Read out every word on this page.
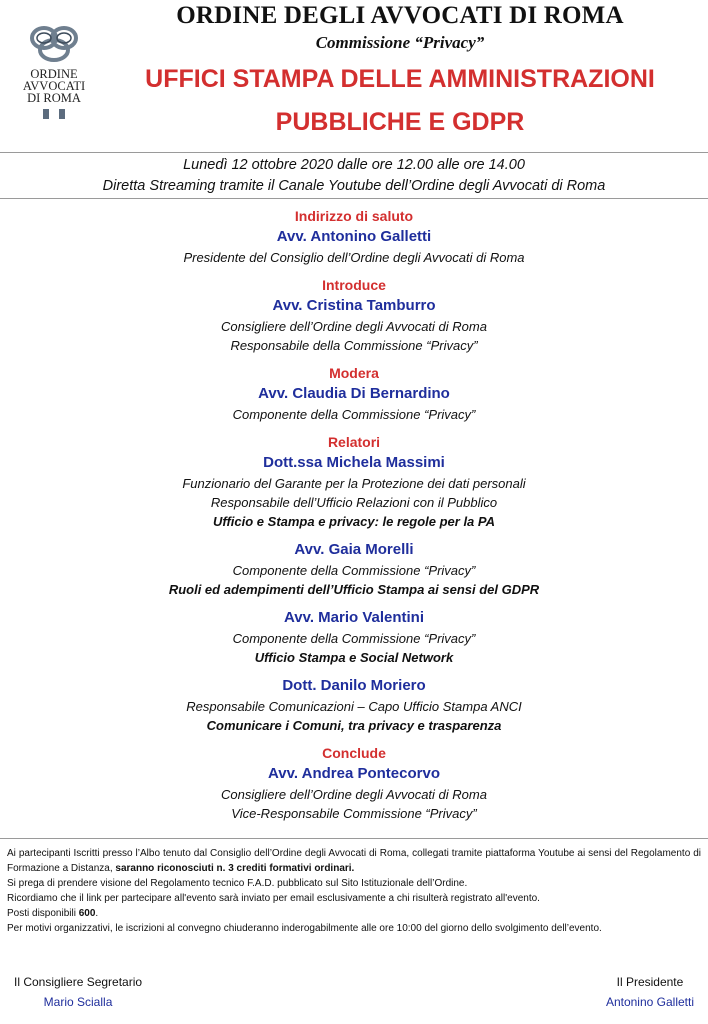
ORDINE
AVVOCATI
DI ROMA
ORDINE DEGLI AVVOCATI DI ROMA
Commissione “Privacy”
UFFICI STAMPA DELLE AMMINISTRAZIONI
PUBBLICHE E GDPR
Lunedì 12 ottobre 2020 dalle ore 12.00 alle ore 14.00
Diretta Streaming tramite il Canale Youtube dell’Ordine degli Avvocati di Roma
Indirizzo di saluto
Avv. Antonino Galletti
Presidente del Consiglio dell’Ordine degli Avvocati di Roma
Introduce
Avv. Cristina Tamburro
Consigliere dell’Ordine degli Avvocati di Roma
Responsabile della Commissione “Privacy”
Modera
Avv. Claudia Di Bernardino
Componente della Commissione “Privacy”
Relatori
Dott.ssa Michela Massimi
Funzionario del Garante per la Protezione dei dati personali
Responsabile dell’Ufficio Relazioni con il Pubblico
Ufficio e Stampa e privacy: le regole per la PA
Avv. Gaia Morelli
Componente della Commissione “Privacy”
Ruoli ed adempimenti dell’Ufficio Stampa ai sensi del GDPR
Avv. Mario Valentini
Componente della Commissione “Privacy”
Ufficio Stampa e Social Network
Dott. Danilo Moriero
Responsabile Comunicazioni – Capo Ufficio Stampa ANCI
Comunicare i Comuni, tra privacy e trasparenza
Conclude
Avv. Andrea Pontecorvo
Consigliere dell’Ordine degli Avvocati di Roma
Vice-Responsabile Commissione “Privacy”

Ai partecipanti Iscritti presso l’Albo tenuto dal Consiglio dell’Ordine degli Avvocati di Roma, collegati tramite piattaforma Youtube ai sensi del Regolamento di Formazione a Distanza, saranno riconosciuti n. 3 crediti formativi ordinari.

Si prega di prendere visione del Regolamento tecnico F.A.D. pubblicato sul Sito Istituzionale dell’Ordine.

Ricordiamo che il link per partecipare all'evento sarà inviato per email esclusivamente a chi risulterà registrato all'evento.

Posti disponibili 600.

Per motivi organizzativi, le iscrizioni al convegno chiuderanno inderogabilmente alle ore 10:00 del giorno dello svolgimento dell’evento.

Il Consigliere Segretario
Mario Scialla
Il Presidente
Antonino Galletti
